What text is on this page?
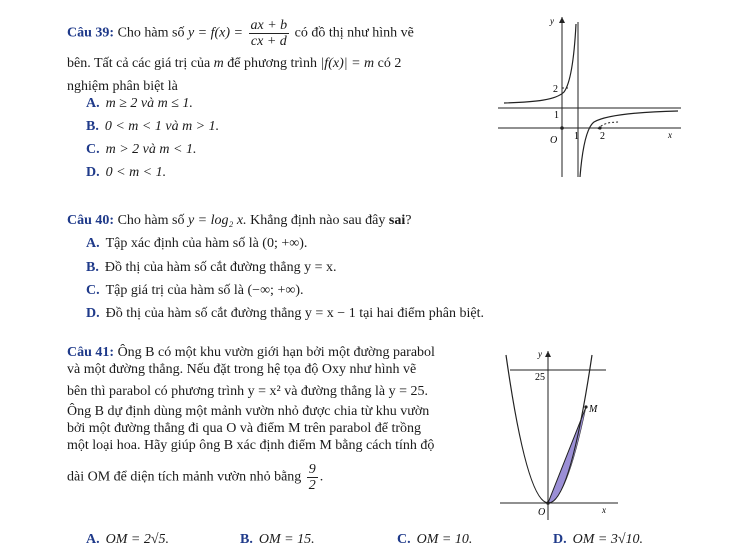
Câu 39: Cho hàm số $y = f(x) = \frac{ax + b}{cx + d}$ có đồ thị như hình vẽ
bên. Tất cả các giá trị của m để phương trình |f(x)| = m có 2
nghiệm phân biệt là
A. m ≥ 2 và m ≤ 1.
B. 0 < m < 1 và m > 1.
C. m > 2 và m < 1.
D. 0 < m < 1.
y
x
O
2
1
1 2
Câu 40: Cho hàm số y = log₂ x. Khẳng định nào sau đây sai?
A. Tập xác định của hàm số là (0; +∞).
B. Đồ thị của hàm số cắt đường thẳng y = x.
C. Tập giá trị của hàm số là (−∞; +∞).
D. Đồ thị của hàm số cắt đường thẳng y = x − 1 tại hai điểm phân biệt.
Câu 41: Ông B có một khu vườn giới hạn bởi một đường parabol
và một đường thẳng. Nếu đặt trong hệ tọa độ Oxy như hình vẽ
bên thì parabol có phương trình y = x² và đường thẳng là y = 25.
Ông B dự định dùng một mảnh vườn nhỏ được chia từ khu vườn
bởi một đường thẳng đi qua O và điểm M trên parabol để trồng
một loại hoa. Hãy giúp ông B xác định điểm M bằng cách tính độ
dài OM để diện tích mảnh vườn nhỏ bằng $\frac{9}{2}$ .
A. OM = 2√5.	B. OM = 15.	C. OM = 10.	D. OM = 3√10.
y
x
O
25
M
